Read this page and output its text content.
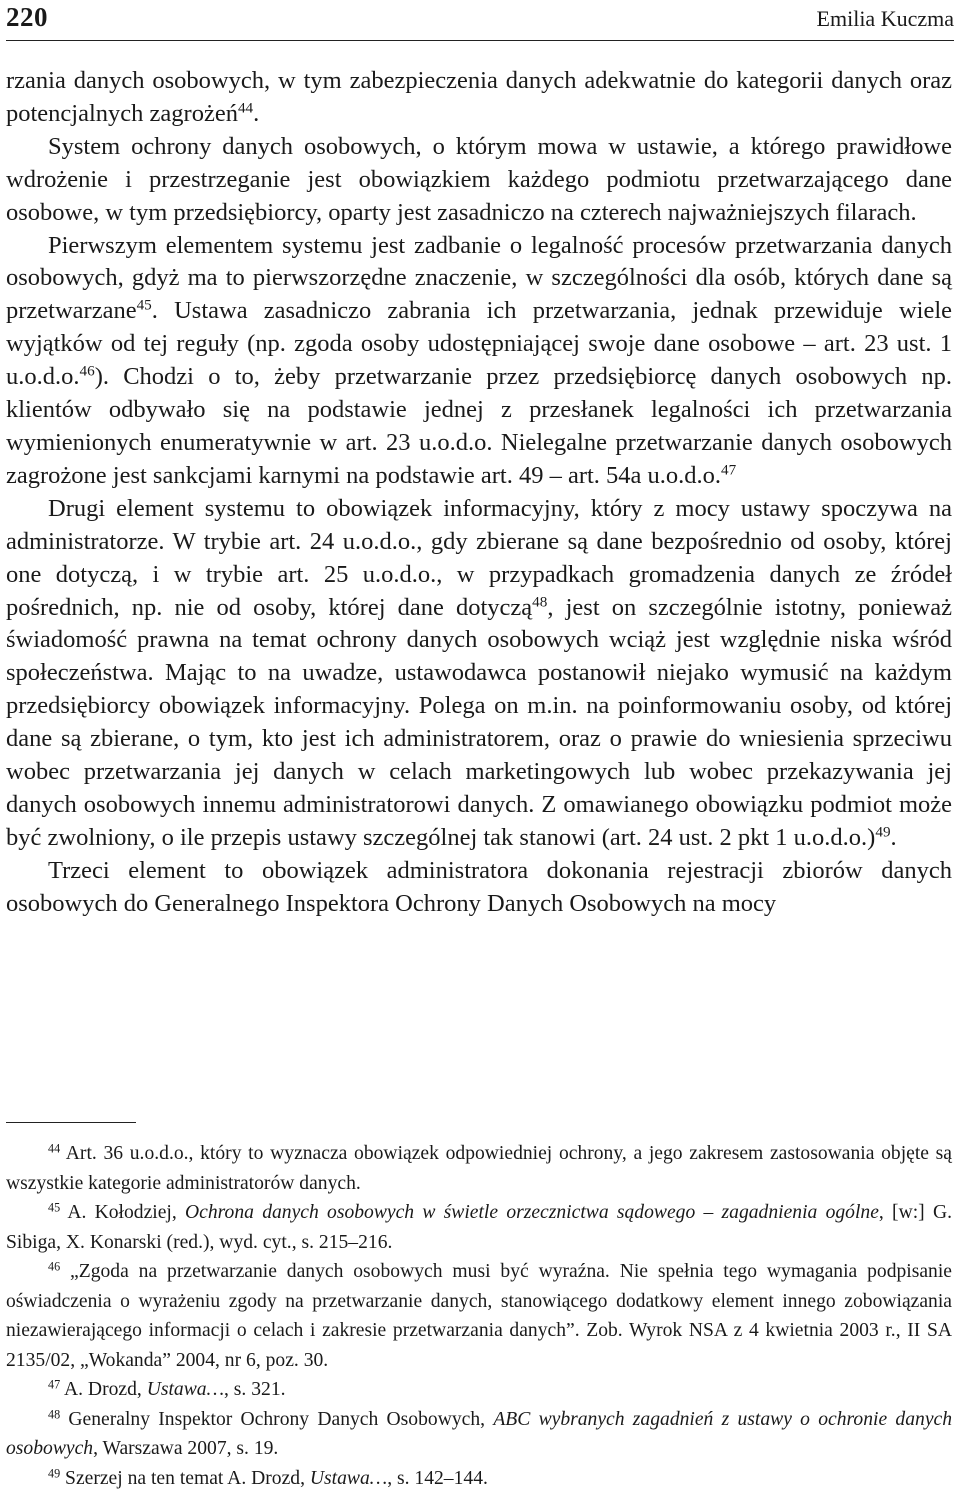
220	Emilia Kuczma

rzania danych osobowych, w tym zabezpieczenia danych adekwatnie do kategorii danych oraz potencjalnych zagrożeń$^{44}$.

System ochrony danych osobowych, o którym mowa w ustawie, a którego prawidłowe wdrożenie i przestrzeganie jest obowiązkiem każdego podmiotu przetwarzającego dane osobowe, w tym przedsiębiorcy, oparty jest zasadniczo na czterech najważniejszych filarach.

Pierwszym elementem systemu jest zadbanie o legalność procesów przetwarzania danych osobowych, gdyż ma to pierwszorzędne znaczenie, w szczególności dla osób, których dane są przetwarzane$^{45}$. Ustawa zasadniczo zabrania ich przetwarzania, jednak przewiduje wiele wyjątków od tej reguły (np. zgoda osoby udostępniającej swoje dane osobowe – art. 23 ust. 1 u.o.d.o.$^{46}$). Chodzi o to, żeby przetwarzanie przez przedsiębiorcę danych osobowych np. klientów odbywało się na podstawie jednej z przesłanek legalności ich przetwarzania wymienionych enumeratywnie w art. 23 u.o.d.o. Nielegalne przetwarzanie danych osobowych zagrożone jest sankcjami karnymi na podstawie art. 49 – art. 54a u.o.d.o.$^{47}$

Drugi element systemu to obowiązek informacyjny, który z mocy ustawy spoczywa na administratorze. W trybie art. 24 u.o.d.o., gdy zbierane są dane bezpośrednio od osoby, której one dotyczą, i w trybie art. 25 u.o.d.o., w przypadkach gromadzenia danych ze źródeł pośrednich, np. nie od osoby, której dane dotyczą$^{48}$, jest on szczególnie istotny, ponieważ świadomość prawna na temat ochrony danych osobowych wciąż jest względnie niska wśród społeczeństwa. Mając to na uwadze, ustawodawca postanowił niejako wymusić na każdym przedsiębiorcy obowiązek informacyjny. Polega on m.in. na poinformowaniu osoby, od której dane są zbierane, o tym, kto jest ich administratorem, oraz o prawie do wniesienia sprzeciwu wobec przetwarzania jej danych w celach marketingowych lub wobec przekazywania jej danych osobowych innemu administratorowi danych. Z omawianego obowiązku podmiot może być zwolniony, o ile przepis ustawy szczególnej tak stanowi (art. 24 ust. 2 pkt 1 u.o.d.o.)$^{49}$.

Trzeci element to obowiązek administratora dokonania rejestracji zbiorów danych osobowych do Generalnego Inspektora Ochrony Danych Osobowych na mocy

$^{44}$ Art. 36 u.o.d.o., który to wyznacza obowiązek odpowiedniej ochrony, a jego zakresem zastosowania objęte są wszystkie kategorie administratorów danych.

$^{45}$ A. Kołodziej, Ochrona danych osobowych w świetle orzecznictwa sądowego – zagadnienia ogólne, [w:] G. Sibiga, X. Konarski (red.), wyd. cyt., s. 215–216.

$^{46}$ „Zgoda na przetwarzanie danych osobowych musi być wyraźna. Nie spełnia tego wymagania podpisanie oświadczenia o wyrażeniu zgody na przetwarzanie danych, stanowiącego dodatkowy element innego zobowiązania niezawierającego informacji o celach i zakresie przetwarzania danych”. Zob. Wyrok NSA z 4 kwietnia 2003 r., II SA 2135/02, „Wokanda” 2004, nr 6, poz. 30.

$^{47}$ A. Drozd, Ustawa…, s. 321.

$^{48}$ Generalny Inspektor Ochrony Danych Osobowych, ABC wybranych zagadnień z ustawy o ochronie danych osobowych, Warszawa 2007, s. 19.

$^{49}$ Szerzej na ten temat A. Drozd, Ustawa…, s. 142–144.
